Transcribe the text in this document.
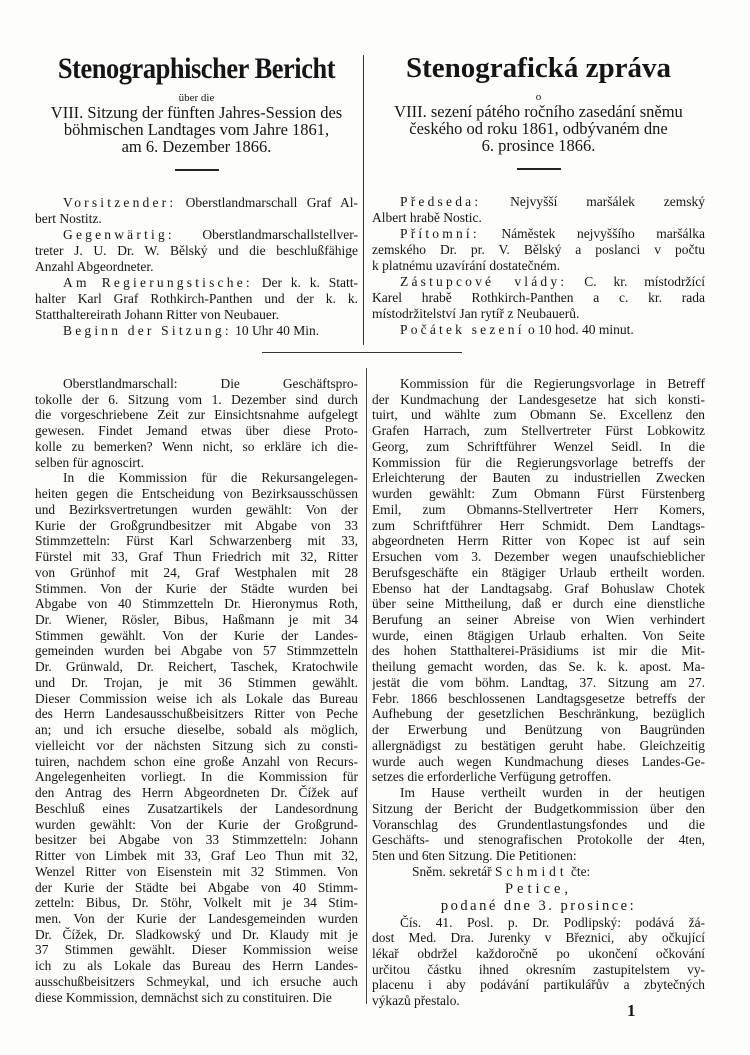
Stenographischer Bericht
über die
VIII. Sitzung der fünften Jahres-Session des
böhmischen Landtages vom Jahre 1861,
am 6. Dezember 1866.
Vorsitzender: Oberstlandmarschall Graf Al-
bert Nostitz.
Gegenwärtig: Oberstlandmarschallstellver-
treter J. U. Dr. W. Bělský und die beschlußfähige
Anzahl Abgeordneter.
Am Regierungstische: Der k. k. Statt-
halter Karl Graf Rothkirch-Panthen und der k. k.
Statthaltereirath Johann Ritter von Neubauer.
Beginn der Sitzung: 10 Uhr 40 Min.
Stenografická zpráva
o
VIII. sezení pátého ročního zasedání sněmu
českého od roku 1861, odbývaném dne
6. prosince 1866.
Předseda: Nejvyšší maršálek zemský
Albert hrabě Nostic.
Přítomní: Náměstek nejvyššího maršálka
zemského Dr. pr. V. Bělský a poslanci v počtu
k platnému uzavírání dostatečném.
Zástupcové vlády: C. kr. místodržící
Karel hrabě Rothkirch-Panthen a c. kr. rada
místodržitelství Jan rytíř z Neubauerů.
Počátek sezení o 10 hod. 40 minut.
Oberstlandmarschall: Die Geschäftspro-
tokolle der 6. Sitzung vom 1. Dezember sind durch
die vorgeschriebene Zeit zur Einsichtsnahme aufgelegt
gewesen. Findet Jemand etwas über diese Proto-
kolle zu bemerken? Wenn nicht, so erkläre ich die-
selben für agnoscirt.
In die Kommission für die Rekursangelegen-
heiten gegen die Entscheidung von Bezirksausschüssen
und Bezirksvertretungen wurden gewählt: Von der
Kurie der Großgrundbesitzer mit Abgabe von 33
Stimmzetteln: Fürst Karl Schwarzenberg mit 33,
Fürstel mit 33, Graf Thun Friedrich mit 32, Ritter
von Grünhof mit 24, Graf Westphalen mit 28
Stimmen. Von der Kurie der Städte wurden bei
Abgabe von 40 Stimmzetteln Dr. Hieronymus Roth,
Dr. Wiener, Rösler, Bibus, Haßmann je mit 34
Stimmen gewählt. Von der Kurie der Landes-
gemeinden wurden bei Abgabe von 57 Stimmzetteln
Dr. Grünwald, Dr. Reichert, Taschek, Kratochwile
und Dr. Trojan, je mit 36 Stimmen gewählt.
Dieser Commission weise ich als Lokale das Bureau
des Herrn Landesausschußbeisitzers Ritter von Peche
an; und ich ersuche dieselbe, sobald als möglich,
vielleicht vor der nächsten Sitzung sich zu consti-
tuiren, nachdem schon eine große Anzahl von Recurs-
Angelegenheiten vorliegt. In die Kommission für
den Antrag des Herrn Abgeordneten Dr. Čížek auf
Beschluß eines Zusatzartikels der Landesordnung
wurden gewählt: Von der Kurie der Großgrund-
besitzer bei Abgabe von 33 Stimmzetteln: Johann
Ritter von Limbek mit 33, Graf Leo Thun mit 32,
Wenzel Ritter von Eisenstein mit 32 Stimmen. Von
der Kurie der Städte bei Abgabe von 40 Stimm-
zetteln: Bibus, Dr. Stöhr, Volkelt mit je 34 Stim-
men. Von der Kurie der Landesgemeinden wurden
Dr. Čížek, Dr. Sladkowský und Dr. Klaudy mit je
37 Stimmen gewählt. Dieser Kommission weise
ich zu als Lokale das Bureau des Herrn Landes-
ausschußbeisitzers Schmeykal, und ich ersuche auch
diese Kommission, demnächst sich zu constituiren. Die
Kommission für die Regierungsvorlage in Betreff
der Kundmachung der Landesgesetze hat sich konsti-
tuirt, und wählte zum Obmann Se. Excellenz den
Grafen Harrach, zum Stellvertreter Fürst Lobkowitz
Georg, zum Schriftführer Wenzel Seidl. In die
Kommission für die Regierungsvorlage betreffs der
Erleichterung der Bauten zu industriellen Zwecken
wurden gewählt: Zum Obmann Fürst Fürstenberg
Emil, zum Obmanns-Stellvertreter Herr Komers,
zum Schriftführer Herr Schmidt. Dem Landtags-
abgeordneten Herrn Ritter von Kopec ist auf sein
Ersuchen vom 3. Dezember wegen unaufschieblicher
Berufsgeschäfte ein 8tägiger Urlaub ertheilt worden.
Ebenso hat der Landtagsabg. Graf Bohuslaw Chotek
über seine Mittheilung, daß er durch eine dienstliche
Berufung an seiner Abreise von Wien verhindert
wurde, einen 8tägigen Urlaub erhalten. Von Seite
des hohen Statthalterei-Präsidiums ist mir die Mit-
theilung gemacht worden, das Se. k. k. apost. Ma-
jestät die vom böhm. Landtag, 37. Sitzung am 27.
Febr. 1866 beschlossenen Landtagsgesetze betreffs der
Aufhebung der gesetzlichen Beschränkung, bezüglich
der Erwerbung und Benützung von Baugründen
allergnädigst zu bestätigen geruht habe. Gleichzeitig
wurde auch wegen Kundmachung dieses Landes-Ge-
setzes die erforderliche Verfügung getroffen.
Im Hause vertheilt wurden in der heutigen
Sitzung der Bericht der Budgetkommission über den
Voranschlag des Grundentlastungsfondes und die
Geschäfts- und stenografischen Protokolle der 4ten,
5ten und 6ten Sitzung. Die Petitionen:
Sněm. sekretář Schmidt čte:
Petice,
podané dne 3. prosince:
Čís. 41. Posl. p. Dr. Podlipský: podává žá-
dost Med. Dra. Jurenky v Březnici, aby očkující
lékař obdržel každoročně po ukončení očkování
určitou částku ihned okresním zastupitelstem vy-
placenu i aby podávání partikulářův a zbytečných
výkazů přestalo.
1
